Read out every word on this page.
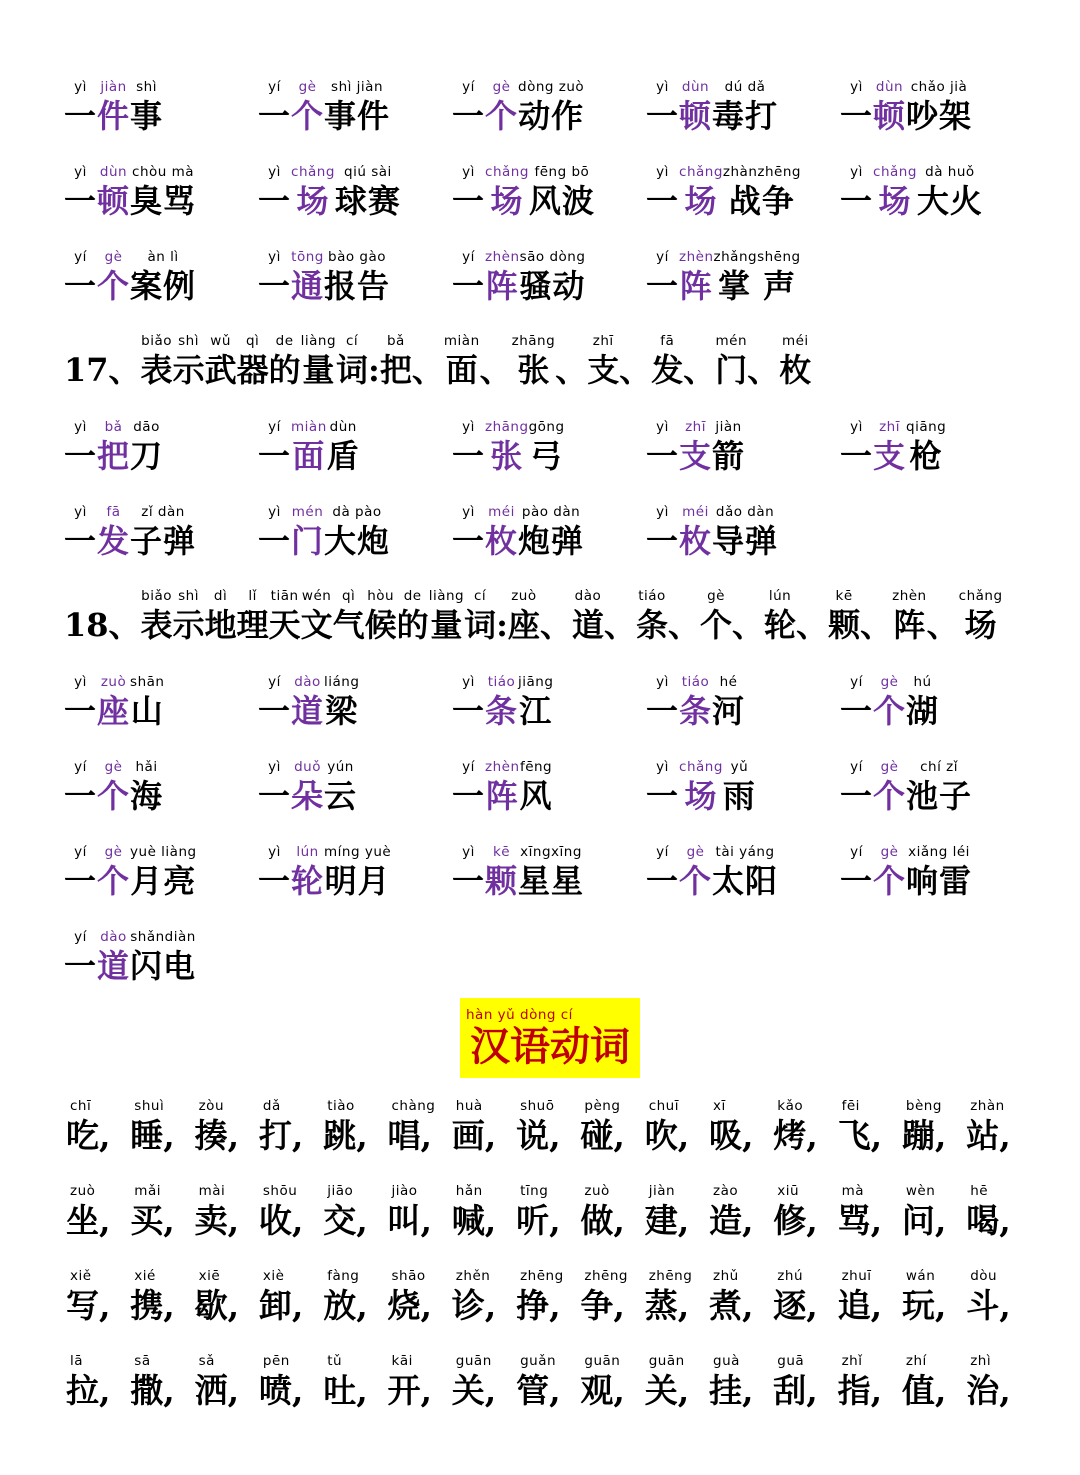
yì
一
jiàn
件
shì
事
yí
一
gè
个
shì jiàn
事件
yí
一
gè
个
dòng zuò
动作
yì
一
dùn
顿
dú dǎ
毒打
yì
一
dùn
顿
chǎo jià
吵架
yì
一
dùn
顿
chòu mà
臭骂
yì
一
chǎng
场
qiú sài
球赛
yì
一
chǎng
场
fēng bō
风波
yì
一
chǎng
场
zhànzhēng
战争
yì
一
chǎng
场
dà huǒ
大火
yí
一
gè
个
àn lì
案例
yì
一
tōng
通
bào gào
报告
yí
一
zhèn
阵
sāo dòng
骚动
yí
一
zhèn
阵
zhǎngshēng
掌 声
17、
biǎo
表
shì
示
wǔ
武
qì
器
de
的
liàng
量
cí
词 :
bǎ
把 、
miàn
面 、
zhāng
张 、
zhī
支 、
fā
发 、
mén
门 、
méi
枚
yì
一
bǎ
把
dāo
刀
yí
一
miàn
面
dùn
盾
yì
一
zhāng
张
gōng
弓
yì
一
zhī
支
jiàn
箭
yì
一
zhī
支
qiāng
枪
yì
一
fā
发
zǐ dàn
子弹
yì
一
mén
门
dà pào
大炮
yì
一
méi
枚
pào dàn
炮弹
yì
一
méi
枚
dǎo dàn
导弹
18、
biǎo
表
shì
示
dì
地
lǐ
理
tiān
天
wén
文
qì
气
hòu
候
de
的
liàng
量
cí
词 :
zuò
座 、
dào
道 、
tiáo
条 、
gè
个 、
lún
轮 、
kē
颗 、
zhèn
阵 、
chǎng
场
yì
一
zuò
座
shān
山
yí
一
dào
道
liáng
梁
yì
一
tiáo
条
jiāng
江
yì
一
tiáo
条
hé
河
yí
一
gè
个
hú
湖
yí
一
gè
个
hǎi
海
yì
一
duǒ
朵
yún
云
yí
一
zhèn
阵
fēng
风
yì
一
chǎng
场
yǔ
雨
yí
一
gè
个
chí zǐ
池子
yí
一
gè
个
yuè liàng
月亮
yì
一
lún
轮
míng yuè
明月
yì
一
kē
颗
xīngxīng
星星
yí
一
gè
个
tài yáng
太阳
yí
一
gè
个
xiǎng léi
响雷
yí
一
dào
道
shǎndiàn
闪电
hàn yǔ dòng cí
汉语动词
chī
吃,
shuì
睡,
zòu
揍,
dǎ
打,
tiào
跳,
chàng
唱,
huà
画,
shuō
说,
pèng
碰,
chuī
吹,
xī
吸,
kǎo
烤,
fēi
飞,
bèng
蹦,
zhàn
站,
zuò
坐,
mǎi
买,
mài
卖,
shōu
收,
jiāo
交,
jiào
叫,
hǎn
喊,
tīng
听,
zuò
做,
jiàn
建,
zào
造,
xiū
修,
mà
骂,
wèn
问,
hē
喝,
xiě
写,
xié
携,
xiē
歇,
xiè
卸,
fàng
放,
shāo
烧,
zhěn
诊,
zhēng
挣,
zhēng
争,
zhēng
蒸,
zhǔ
煮,
zhú
逐,
zhuī
追,
wán
玩,
dòu
斗,
lā
拉,
sā
撒,
sǎ
洒,
pēn
喷,
tǔ
吐,
kāi
开,
guān
关,
guǎn
管,
guān
观,
guān
关,
guà
挂,
guā
刮,
zhǐ
指,
zhí
值,
zhì
治,
